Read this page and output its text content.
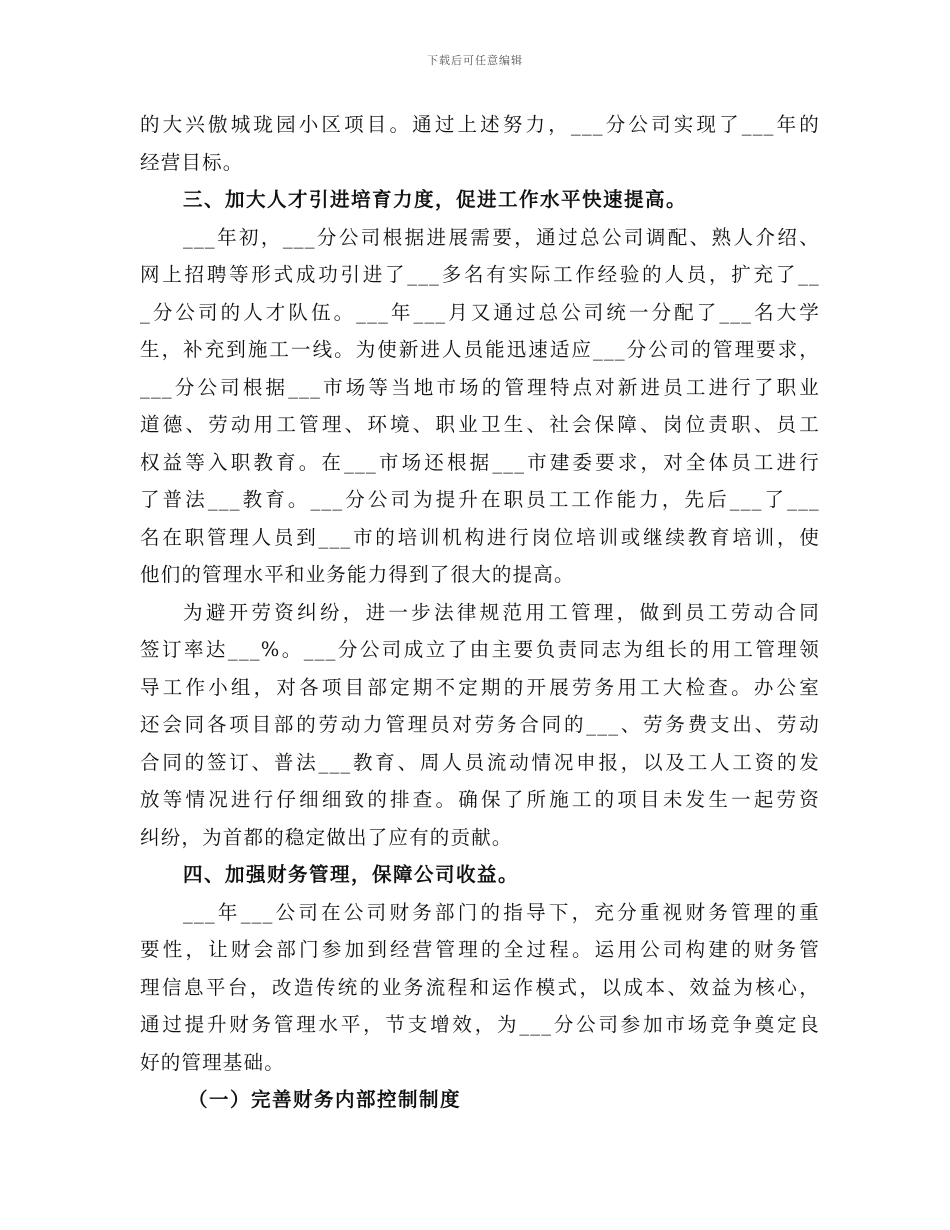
下载后可任意编辑
的大兴傲城珑园小区项目。通过上述努力，___分公司实现了___年的
经营目标。
三、加大人才引进培育力度，促进工作水平快速提高。
___年初，___分公司根据进展需要，通过总公司调配、熟人介绍、
网上招聘等形式成功引进了___多名有实际工作经验的人员，扩充了__
_分公司的人才队伍。___年___月又通过总公司统一分配了___名大学
生，补充到施工一线。为使新进人员能迅速适应___分公司的管理要求，
___分公司根据___市场等当地市场的管理特点对新进员工进行了职业
道德、劳动用工管理、环境、职业卫生、社会保障、岗位责职、员工
权益等入职教育。在___市场还根据___市建委要求，对全体员工进行
了普法___教育。___分公司为提升在职员工工作能力，先后___了___
名在职管理人员到___市的培训机构进行岗位培训或继续教育培训，使
他们的管理水平和业务能力得到了很大的提高。
为避开劳资纠纷，进一步法律规范用工管理，做到员工劳动合同
签订率达___%。___分公司成立了由主要负责同志为组长的用工管理领
导工作小组，对各项目部定期不定期的开展劳务用工大检查。办公室
还会同各项目部的劳动力管理员对劳务合同的___、劳务费支出、劳动
合同的签订、普法___教育、周人员流动情况申报，以及工人工资的发
放等情况进行仔细细致的排查。确保了所施工的项目未发生一起劳资
纠纷，为首都的稳定做出了应有的贡献。
四、加强财务管理，保障公司收益。
___年___公司在公司财务部门的指导下，充分重视财务管理的重
要性，让财会部门参加到经营管理的全过程。运用公司构建的财务管
理信息平台，改造传统的业务流程和运作模式，以成本、效益为核心，
通过提升财务管理水平，节支增效，为___分公司参加市场竞争奠定良
好的管理基础。
（一）完善财务内部控制制度
